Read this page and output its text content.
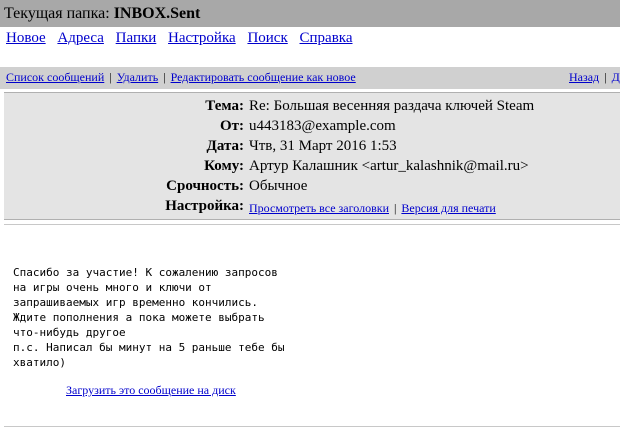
Текущая папка: INBOX.Sent
Новое Адреса Папки Настройка Поиск Справка
Список сообщений | Удалить | Редактировать сообщение как новое	Назад | Д
Тема: Re: Большая весенняя раздача ключей Steam
От: u443183@example.com
Дата: Чтв, 31 Март 2016 1:53
Кому: Артур Калашник <artur_kalashnik@mail.ru>
Срочность: Обычное
Настройка: Просмотреть все заголовки | Версия для печати
Спасибо за участие! К сожалению запросов
на игры очень много и ключи от
запрашиваемых игр временно кончились.
Ждите пополнения а пока можете выбрать
что-нибудь другое
п.с. Написал бы минут на 5 раньше тебе бы
хватило)
Загрузить это сообщение на диск
